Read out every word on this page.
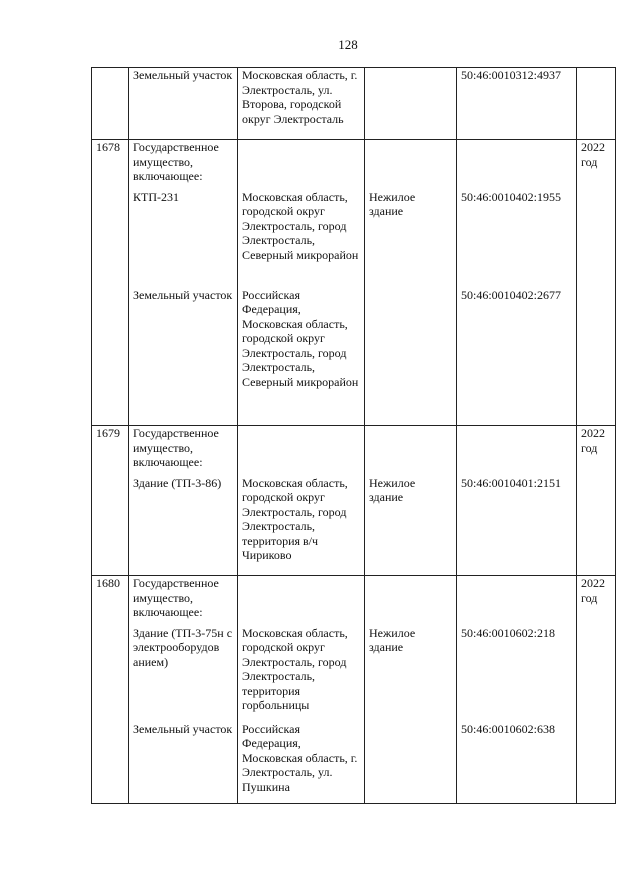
128
	Земельный участок	Московская область, г. Электросталь, ул. Второва, городской округ Электросталь		50:46:0010312:4937	
1678	Государственное имущество, включающее:				2022 год
	КТП-231	Московская область, городской округ Электросталь, город Электросталь, Северный микрорайон	Нежилое здание	50:46:0010402:1955	
	Земельный участок	Российская Федерация, Московская область, городской округ Электросталь, город Электросталь, Северный микрорайон		50:46:0010402:2677	
1679	Государственное имущество, включающее:				2022 год
	Здание (ТП-3-86)	Московская область, городской округ Электросталь, город Электросталь, территория в/ч Чириково	Нежилое здание	50:46:0010401:2151	
1680	Государственное имущество, включающее:				2022 год
	Здание (ТП-3-75н с электрооборудов анием)	Московская область, городской округ Электросталь, город Электросталь, территория горбольницы	Нежилое здание	50:46:0010602:218	
	Земельный участок	Российская Федерация, Московская область, г. Электросталь, ул. Пушкина		50:46:0010602:638	
